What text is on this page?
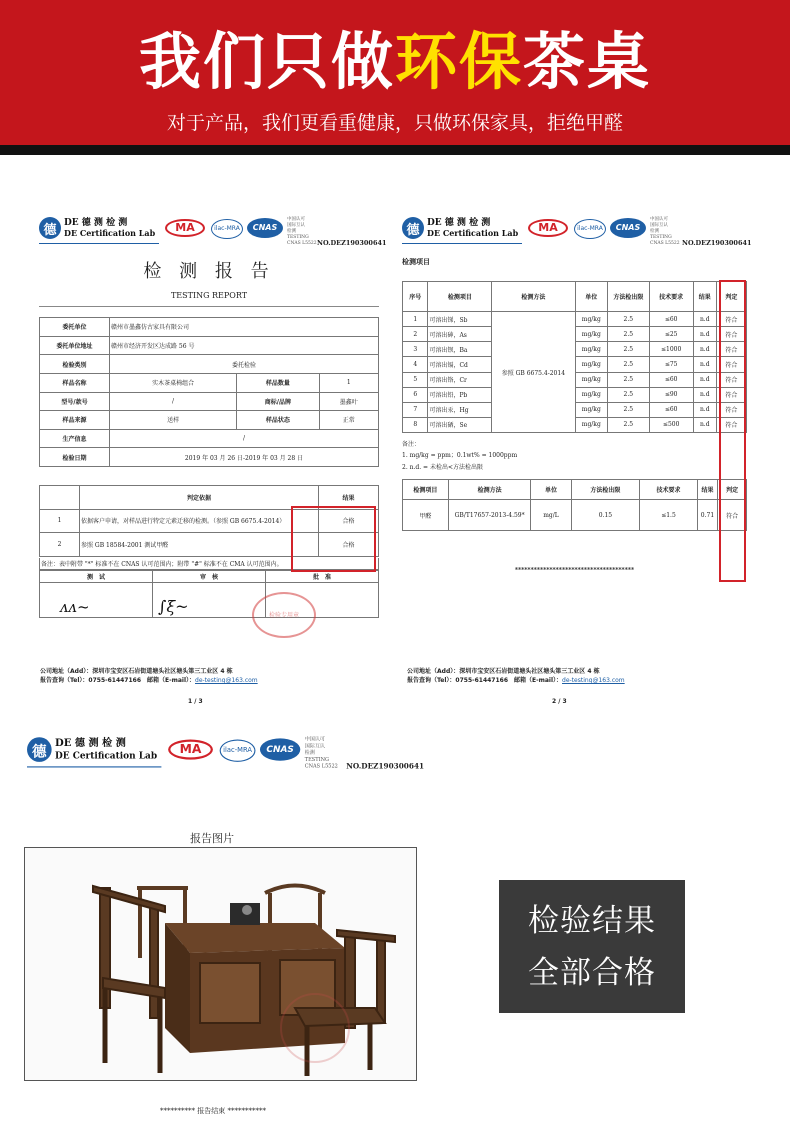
我们只做环保茶桌
对于产品，我们更看重健康，只做环保家具，拒绝甲醛
德 DE 德 测 检 测
DE Certification Lab	MA	ilac-MRA	CNAS
中国认可
国际互认
检测
TESTING
CNAS L5522 NO.DEZ190300641
检 测 报 告
TESTING REPORT
委托单位	赣州市墨鑫仿古家具有限公司		
委托单位地址	赣州市经济开发区达成路 56 号		
检验类别	委托检验		
样品名称	实木茶桌椅组合	样品数量	1
型号/款号	/	商标/品牌	墨鑫叶
样品来源	送样	样品状态	正常
生产信息	/		
检验日期	2019 年 03 月 26 日-2019 年 03 月 28 日		
	判定依据	结果
1	依据客户申请，对样品进行特定元素迁移的检测。（参照 GB 6675.4-2014）	合格
2	参照 GB 18584-2001 测试甲醛	合格
备注：表中附带 "*" 标准不在 CNAS 认可范围内；附带 "#" 标准不在 CMA 认可范围内。
测　试	审　核	批　准

ᴧᴧ~	∫ξ~	检验专用章
公司地址（Add）：深圳市宝安区石岩街道塘头社区塘头第三工业区 4 栋
报告查询（Tel）：0755-61447166　邮箱（E-mail）：de-testing@163.com
1 / 3
德 DE 德 测 检 测
DE Certification Lab	MA	ilac-MRA	CNAS
中国认可
国际互认
检测
TESTING
CNAS L5522 NO.DEZ190300641
检测项目
序号	检测项目	检测方法	单位	方法检出限	技术要求	结果	判定
1	可溶出锑，Sb	参照 GB 6675.4-2014	mg/kg	2.5	≤60	n.d	符合
2	可溶出砷，As		mg/kg	2.5	≤25	n.d	符合
3	可溶出钡，Ba		mg/kg	2.5	≤1000	n.d	符合
4	可溶出镉，Cd		mg/kg	2.5	≤75	n.d	符合
5	可溶出铬，Cr		mg/kg	2.5	≤60	n.d	符合
6	可溶出铅，Pb		mg/kg	2.5	≤90	n.d	符合
7	可溶出汞，Hg		mg/kg	2.5	≤60	n.d	符合
8	可溶出硒，Se		mg/kg	2.5	≤500	n.d	符合
备注：
1. mg/kg = ppm；0.1wt% = 1000ppm
2. n.d. = 未检出<方法检出限
检测项目	检测方法	单位	方法检出限	技术要求	结果	判定
甲醛	GB/T17657-2013-4.59*	mg/L	0.15	≤1.5	0.71	符合
**************************************
公司地址（Add）：深圳市宝安区石岩街道塘头社区塘头第三工业区 4 栋
报告查询（Tel）：0755-61447166　邮箱（E-mail）：de-testing@163.com
2 / 3
德 DE 德 测 检 测
DE Certification Lab	MA	ilac-MRA	CNAS
中国认可
国际互认
检测
TESTING
CNAS L5522 NO.DEZ190300641
报告图片
********** 报告结束 ***********
检验结果
全部合格
